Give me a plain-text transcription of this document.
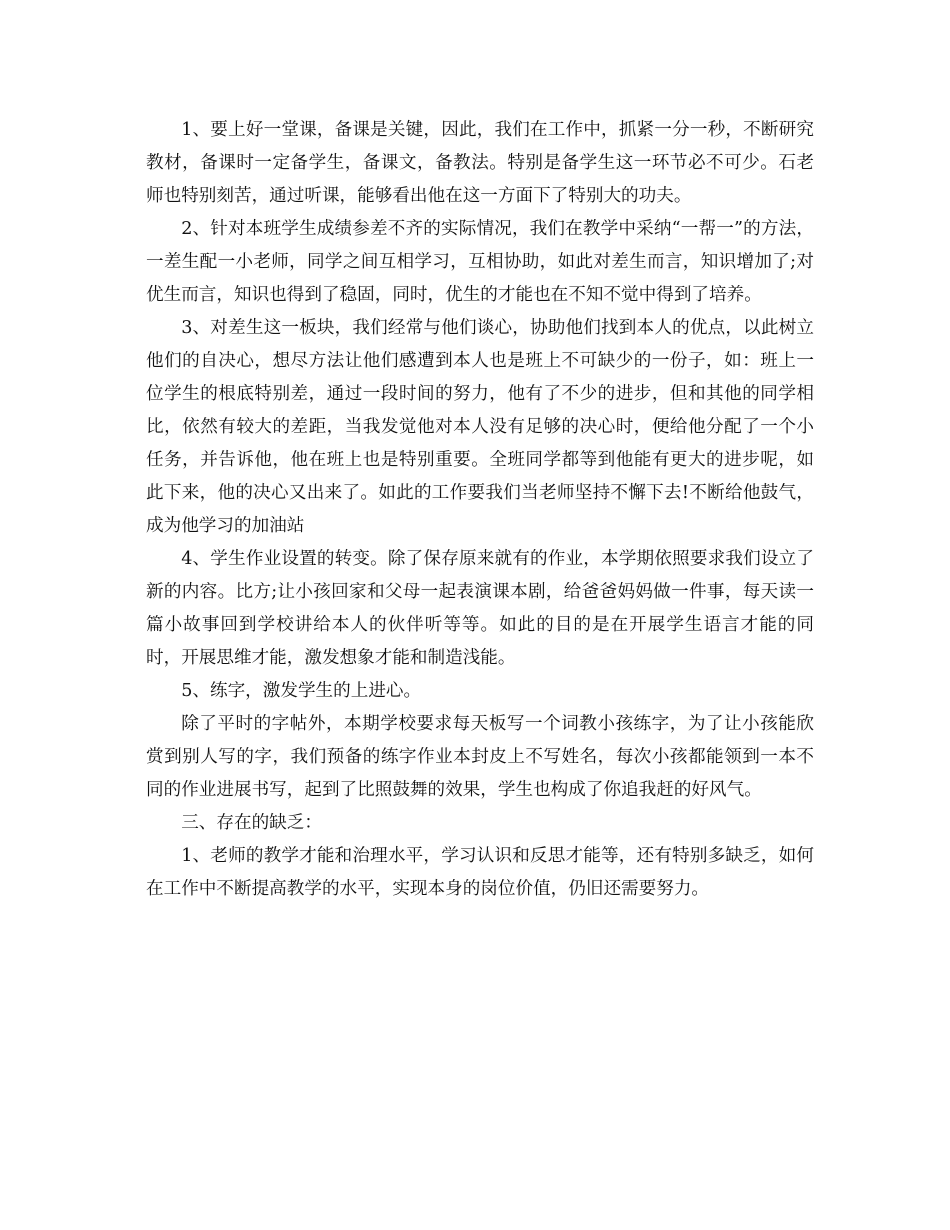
1、要上好一堂课，备课是关键，因此，我们在工作中，抓紧一分一秒，不断研究教材，备课时一定备学生，备课文，备教法。特别是备学生这一环节必不可少。石老师也特别刻苦，通过听课，能够看出他在这一方面下了特别大的功夫。

2、针对本班学生成绩参差不齐的实际情况，我们在教学中采纳“一帮一”的方法，一差生配一小老师，同学之间互相学习，互相协助，如此对差生而言，知识增加了;对优生而言，知识也得到了稳固，同时，优生的才能也在不知不觉中得到了培养。

3、对差生这一板块，我们经常与他们谈心，协助他们找到本人的优点，以此树立他们的自决心，想尽方法让他们感遭到本人也是班上不可缺少的一份子，如：班上一位学生的根底特别差，通过一段时间的努力，他有了不少的进步，但和其他的同学相比，依然有较大的差距，当我发觉他对本人没有足够的决心时，便给他分配了一个小任务，并告诉他，他在班上也是特别重要。全班同学都等到他能有更大的进步呢，如此下来，他的决心又出来了。如此的工作要我们当老师坚持不懈下去!不断给他鼓气，成为他学习的加油站

4、学生作业设置的转变。除了保存原来就有的作业，本学期依照要求我们设立了新的内容。比方;让小孩回家和父母一起表演课本剧，给爸爸妈妈做一件事，每天读一篇小故事回到学校讲给本人的伙伴听等等。如此的目的是在开展学生语言才能的同时，开展思维才能，激发想象才能和制造浅能。

5、练字，激发学生的上进心。

除了平时的字帖外，本期学校要求每天板写一个词教小孩练字，为了让小孩能欣赏到别人写的字，我们预备的练字作业本封皮上不写姓名，每次小孩都能领到一本不同的作业进展书写，起到了比照鼓舞的效果，学生也构成了你追我赶的好风气。

三、存在的缺乏：

1、老师的教学才能和治理水平，学习认识和反思才能等，还有特别多缺乏，如何在工作中不断提高教学的水平，实现本身的岗位价值，仍旧还需要努力。
